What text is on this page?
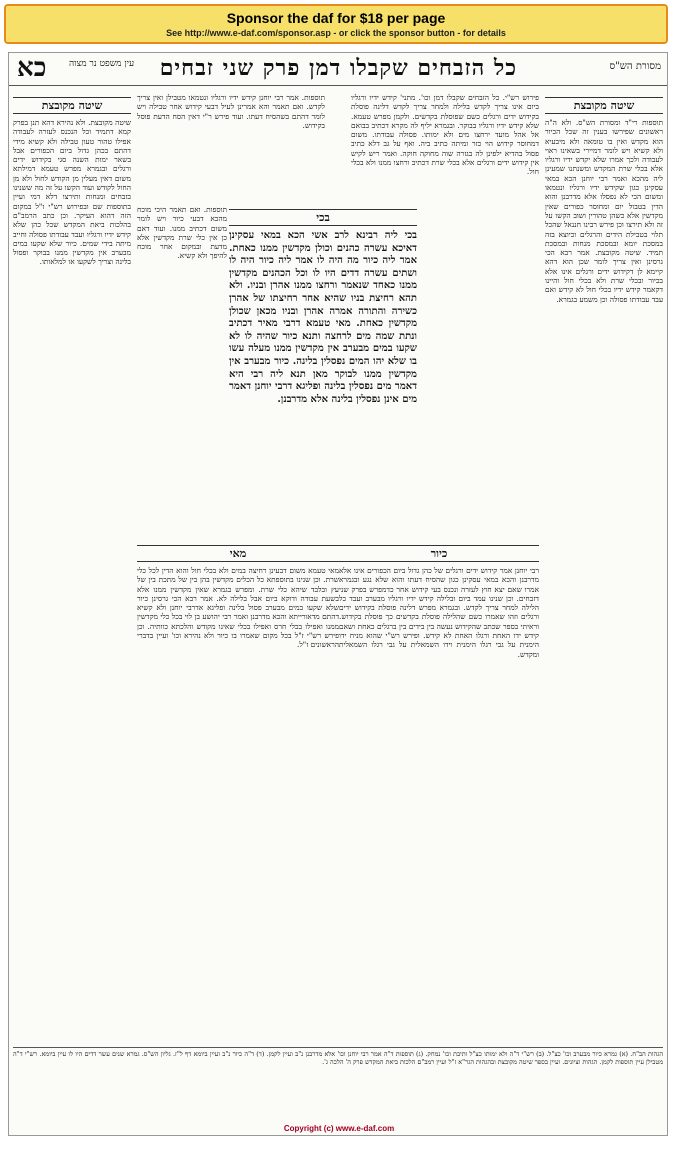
Sponsor the daf for $18 per page
See http://www.e-daf.com/sponsor.asp - or click the sponsor button - for details
מסורת הש"ס
כל הזבחים שקבלו דמן פרק שני זבחים
עין משפט נר מצוה
כא
שיטה מקובצת

תוספות רי"ד ומסורת הש"ס. ולא ה"ה ראשונים שפירשו בענין זה שכל הכיור הוא מקדש ואין בו טומאה ולא מיבעיא ולא קשיא ויש לומר דמיירי בשאינו ראוי לעבודה ולכך אמרו שלא יקדש ידיו ורגליו אלא בכלי שרת המקדש ומשנתנו שמעינן ליה מהכא ואמר רבי יוחנן הכא במאי עסקינן כגון שקידש ידיו ורגליו ונטמאו ומשום הכי לא נפסלו אלא מדרבנן והוא הדין בטבול יום ומחוסר כפורים שאין מקדשין אלא כשהן טהורין ושוב הקשו על זה ולא תירצו וכן פירש רבינו חננאל שהכל תלוי בטבילת הידים והרגלים וכיוצא בזה במסכת יומא ובמסכת מנחות ובמסכת תמיד. שיטה מקובצת. אמר רבא הכי גרסינן ואין צריך לומר שכן הוא דהא קיימא לן דקידוש ידים ורגלים אינו אלא בכיור ובכלי שרת ולא בכלי חול והיינו דקאמר קידש ידיו בכלי חול לא קידש ואם עבד עבודתו פסולה וכן משמע בגמרא.

שיטה מקובצת

שיטה מקובצת. ולא נהירא דהא תנן בפרק קמא דתמיד וכל הנכנס לעזרה לעבודה אפילו טהור טעון טבילה ולא קשיא מידי דהתם בכהן גדול ביום הכפורים אבל בשאר ימות השנה סגי בקידוש ידים ורגלים ובגמרא מפרש טעמא דמילתא משום דאין מעלין מן הקודש לחול ולא מן החול לקודש ועוד הקשו על זה מה ששנינו בזבחים ומנחות ותירצו דלא דמי ועיין בתוספות שם ובפירוש רש"י ז"ל במקום הזה דהוא העיקר. וכן כתב הרמב"ם בהלכות ביאת המקדש שכל כהן שלא קידש ידיו ורגליו ועבד עבודתו פסולה וחייב מיתה בידי שמים. כיור שלא שקעו במים מבערב אין מקדשין ממנו בבוקר ופסול בלינה וצריך לשקעו או למלאותו.

פירוש רש"י. כל הזבחים שקבלו דמן וכו'. מתני' קידש ידיו ורגליו ביום אינו צריך לקדש בלילה ולמחר צריך לקדש דלינה פוסלת בקידוש ידים ורגלים כשם שפוסלת בקדשים. ולקמן מפרש טעמא. שלא קידש ידיו ורגליו בבוקר. ובגמרא יליף לה מקרא דכתיב בבואם אל אהל מועד ירחצו מים ולא ימותו. פסולה עבודתו. משום דמחוסר קידוש הוי כזר ומיתה כתיב ביה. ואף על גב דלא כתיב פסול בהדיא ילפינן לה בגזרה שוה מחוקה חוקה. ואמר ריש לקיש אין קידוש ידים ורגלים אלא בכלי שרת דכתיב ורחצו ממנו ולא בכלי חול.

תוספות. אמר רבי יוחנן קידש ידיו ורגליו ונטמאו מטבילן ואין צריך לקדש. ואם תאמר והא אמרינן לעיל דבעי קידוש אחר טבילה ויש לומר דהתם בשהסיח דעתו. ועוד פירש ר"י דאין הסח הדעת פוסל בקידוש.

תוספות. ואם תאמר היכי מוכח מהכא דבעי כיור ויש לומר משום דכתיב ממנו. ועוד דאם כן אין כלי שרת מקדשין אלא מדעת ובמקום אחר מוכח להיפך ולא קשיא.

בכי

בכי ליה רבינא לרב אשי הכא במאי עסקינן דאיכא עשרה כהנים וכולן מקדשין ממנו כאחת. אמר ליה כיור מה היה לו אמר ליה כיור היה לו ושתים עשרה דדים היו לו וכל הכהנים מקדשין ממנו כאחד שנאמר ורחצו ממנו אהרן ובניו. ולא תהא רחיצת בניו שהיא אחר רחיצתו של אהרן כשירה והתורה אמרה אהרן ובניו מכאן שכולן מקדשין כאחת. מאי טעמא דרבי מאיר דכתיב ונתת שמה מים לרחצה ותנא כיור שהיה לו לא שקעו במים מבערב אין מקדשין ממנו מעלה עשו בו שלא יהו המים נפסלין בלינה. כיור מבערב אין מקדשין ממנו לבוקר מאן תנא ליה רבי היא דאמר מים נפסלין בלינה ופליגא דרבי יוחנן דאמר מים אינן נפסלין בלינה אלא מדרבנן.

כיור

רבי יוחנן אמר קידוש ידים ורגלים של כהן גדול ביום הכפורים אינו אלא מדרבנן והכא במאי עסקינן כגון שהסיח דעתו והוא שלא נגע ובגמרא אמרו שאם יצא חוץ לעזרה ונכנס בעי קידוש אחר כדמפרש בפרק שני דזבחים. וכן שנינו עמד ביום ובלילה קידש ידיו ורגליו מבערב ועבד כל הלילה למחר צריך לקדש. ובגמרא מפרש דלינה פוסלת בקידוש ידים ורגלים וזהו שאמרו כשם שהלילה פוסלת בקדשים כך פוסלת בקידוש. וראיתי בספר שכתב שהקידוש נעשה בין בידים בין ברגלים כאחת ושאם קידש ידו האחת ורגלו האחת לא קידש. ופירש רש"י שהוא מניח ידו הימנית על גבי רגלו הימנית וידו השמאלית על גבי רגלו השמאלית ומקדש.

מאי

מאי טעמא משום דבעינן רחיצה במים ולא בכלי חול והוא הדין לכל כלי שרת. וכן שנינו בתוספתא כל הכלים מקדשין בהן בין של מתכת בין של עץ ובלבד שיהא כלי שרת. ומפרש בגמרא שאין מקדשין ממנו אלא בשעת עבודה ודוקא ביום אבל בלילה לא. אמר רבא הכי גרסינן כיור שלא שקעו במים מבערב פסול בלינה ופליגא אדרבי יוחנן ולא קשיא דהתם מדאורייתא והכא מדרבנן ואמר רבי יהושע בן לוי בכל כלי מקדשין ממנו ואפילו בכלי חרס ואפילו בכלי שאינו מקודש והלכתא כוותיה. וכן פירש רש"י ז"ל בכל מקום שאמרו בו כיור ולא נהירא וכו' ועיין בדברי הראשונים ז"ל.

הגהות הב"ח. (א) גמרא כיור מבערב וכו' כצ"ל. (ב) רש"י ד"ה ולא ימותו כצ"ל ותיבת וכו' נמחק. (ג) תוספות ד"ה אמר רבי יוחנן וכו' אלא מדרבנן נ"ב ועיין לקמן. (ד) ד"ה כיור נ"ב ועיין ביומא דף ל"ז. גליון הש"ס. גמרא שנים עשר דדים היו לו עיין ביומא. רש"י ד"ה מטבילן עיין תוספות לקמן. הגהות וציונים. ועיין בספר שיטה מקובצת ובהגהות הגר"א ז"ל ועיין רמב"ם הלכות ביאת המקדש פרק ה' הלכה ג'.

Copyright (c) www.e-daf.com
